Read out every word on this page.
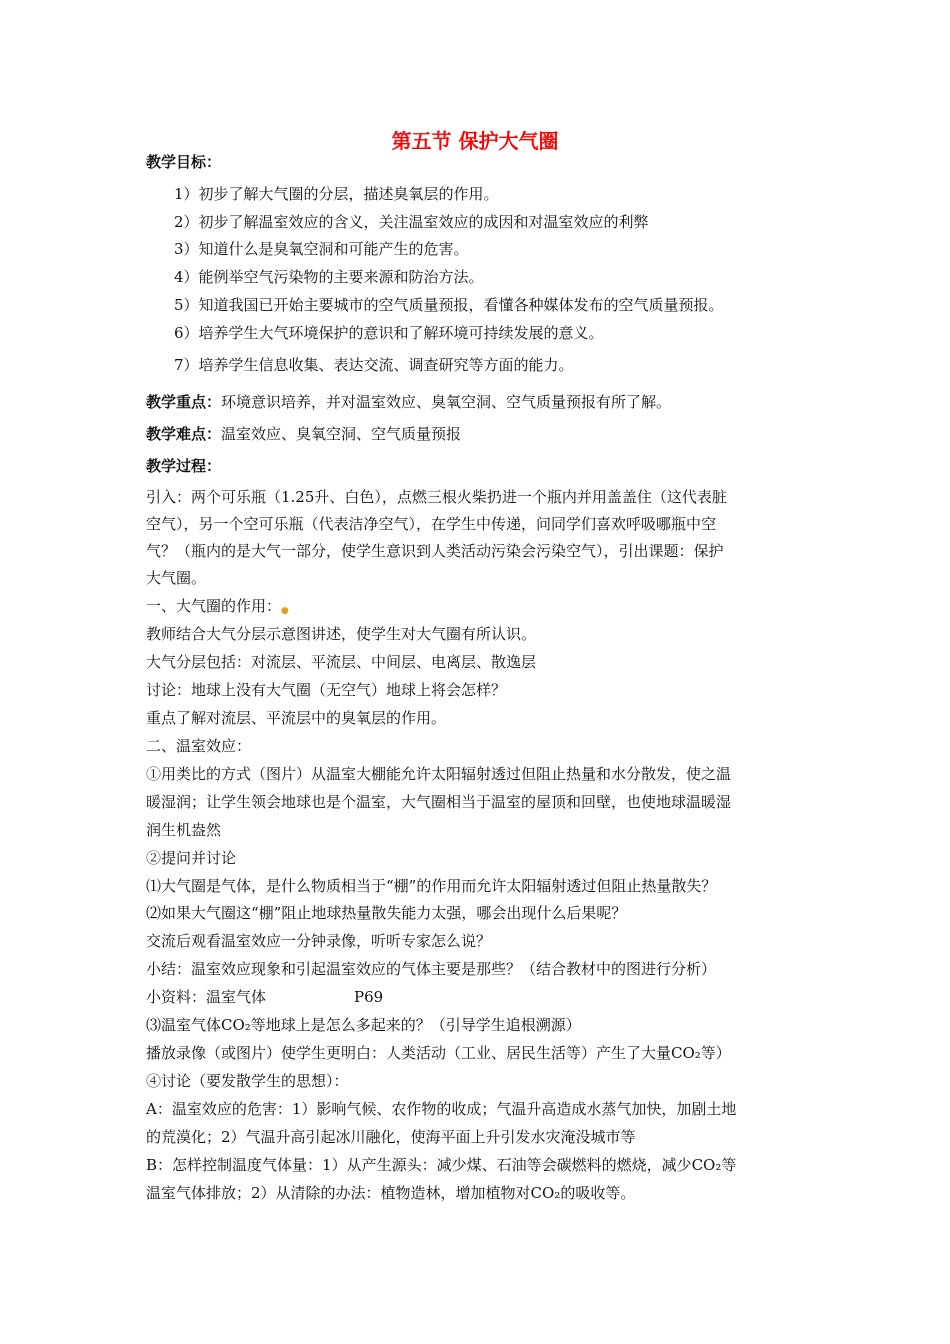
第五节 保护大气圈
教学目标：
1）初步了解大气圈的分层，描述臭氧层的作用。
2）初步了解温室效应的含义，关注温室效应的成因和对温室效应的利弊
3）知道什么是臭氧空洞和可能产生的危害。
4）能例举空气污染物的主要来源和防治方法。
5）知道我国已开始主要城市的空气质量预报，看懂各种媒体发布的空气质量预报。
6）培养学生大气环境保护的意识和了解环境可持续发展的意义。
7）培养学生信息收集、表达交流、调查研究等方面的能力。
教学重点：环境意识培养，并对温室效应、臭氧空洞、空气质量预报有所了解。
教学难点：温室效应、臭氧空洞、空气质量预报
教学过程：
引入：两个可乐瓶（1.25升、白色），点燃三根火柴扔进一个瓶内并用盖盖住（这代表脏
空气），另一个空可乐瓶（代表洁净空气），在学生中传递，问同学们喜欢呼吸哪瓶中空
气？（瓶内的是大气一部分，使学生意识到人类活动污染会污染空气），引出课题：保护
大气圈。
一、大气圈的作用：●
教师结合大气分层示意图讲述，使学生对大气圈有所认识。
大气分层包括：对流层、平流层、中间层、电离层、散逸层
讨论：地球上没有大气圈（无空气）地球上将会怎样？
重点了解对流层、平流层中的臭氧层的作用。
二、温室效应：
①用类比的方式（图片）从温室大棚能允许太阳辐射透过但阻止热量和水分散发，使之温
暖湿润；让学生领会地球也是个温室，大气圈相当于温室的屋顶和回壁，也使地球温暖湿
润生机盎然
②提问并讨论
⑴大气圈是气体，是什么物质相当于“棚”的作用而允许太阳辐射透过但阻止热量散失？
⑵如果大气圈这“棚”阻止地球热量散失能力太强，哪会出现什么后果呢？
交流后观看温室效应一分钟录像，听听专家怎么说？
小结：温室效应现象和引起温室效应的气体主要是那些？（结合教材中的图进行分析）
小资料：温室气体	P69
⑶温室气体CO₂等地球上是怎么多起来的？（引导学生追根溯源）
播放录像（或图片）使学生更明白：人类活动（工业、居民生活等）产生了大量CO₂等）
④讨论（要发散学生的思想）：
A：温室效应的危害：1）影响气候、农作物的收成；气温升高造成水蒸气加快，加剧土地
的荒漠化；2）气温升高引起冰川融化，使海平面上升引发水灾淹没城市等
B：怎样控制温度气体量：1）从产生源头：减少煤、石油等会碳燃料的燃烧，减少CO₂等
温室气体排放；2）从清除的办法：植物造林，增加植物对CO₂的吸收等。
